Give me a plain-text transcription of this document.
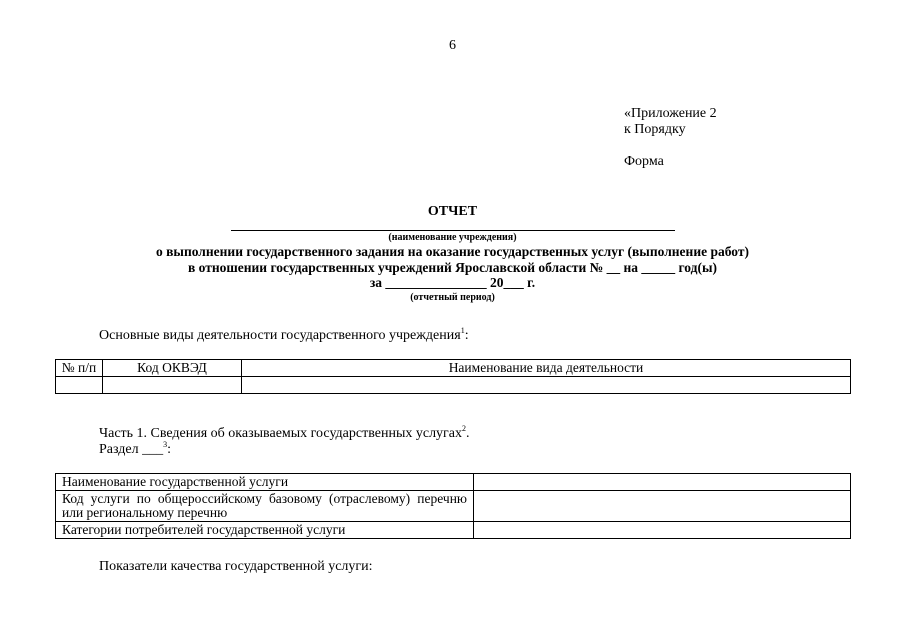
6
«Приложение 2
к Порядку
Форма
ОТЧЕТ
(наименование учреждения)
о выполнении государственного задания на оказание государственных услуг (выполнение работ)
в отношении государственных учреждений Ярославской области № __ на _____ год(ы)
за _______________ 20___ г.
(отчетный период)
Основные виды деятельности государственного учреждения$^1$:
№ п/п	Код ОКВЭД	Наименование вида деятельности

Часть 1. Сведения об оказываемых государственных услугах$^2$.
Раздел ___$^3$:
Наименование государственной услуги	
Код услуги по общероссийскому базовому (отраслевому) перечню или региональному перечню	
Категории потребителей государственной услуги	
Показатели качества государственной услуги:
